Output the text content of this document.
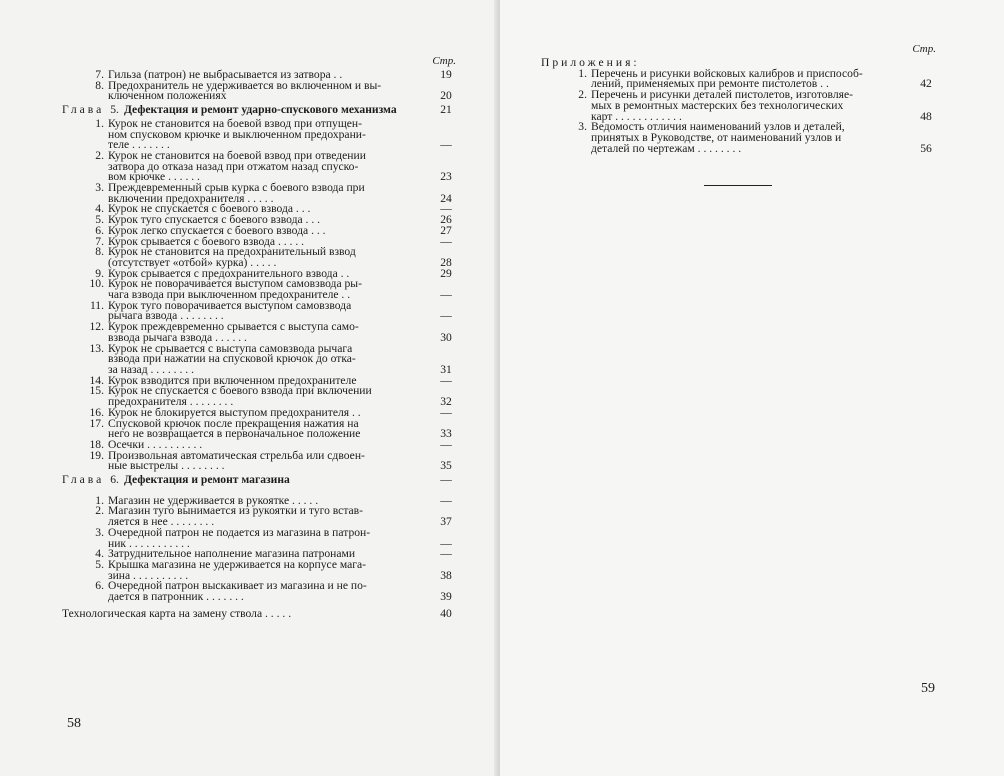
Стр.
7. Гильза (патрон) не выбрасывается из затвора . .	19
8. Предохранитель не удерживается во включенном и вы-
ключенном положениях	20
Глава 5. Дефектация и ремонт ударно-спускового механизма	21
1. Курок не становится на боевой взвод при отпущен-
ном спусковом крючке и выключенном предохрани-
теле . . . . . . .	—
2. Курок не становится на боевой взвод при отведении
затвора до отказа назад при отжатом назад спуско-
вом крючке . . . . . .	23
3. Преждевременный срыв курка с боевого взвода при
включении предохранителя . . . . .	24
4. Курок не спускается с боевого взвода . . .	—
5. Курок туго спускается с боевого взвода . . .	26
6. Курок легко спускается с боевого взвода . . .	27
7. Курок срывается с боевого взвода . . . . .	—
8. Курок не становится на предохранительный взвод
(отсутствует «отбой» курка) . . . . .	28
9. Курок срывается с предохранительного взвода . .	29
10. Курок не поворачивается выступом самовзвода ры-
чага взвода при выключенном предохранителе . .	—
11. Курок туго поворачивается выступом самовзвода
рычага взвода . . . . . . . .	—
12. Курок преждевременно срывается с выступа само-
взвода рычага взвода . . . . . .	30
13. Курок не срывается с выступа самовзвода рычага
взвода при нажатии на спусковой крючок до отка-
за назад . . . . . . . .	31
14. Курок взводится при включенном предохранителе	—
15. Курок не спускается с боевого взвода при включении
предохранителя . . . . . . . .	32
16. Курок не блокируется выступом предохранителя . .	—
17. Спусковой крючок после прекращения нажатия на
него не возвращается в первоначальное положение	33
18. Осечки . . . . . . . . . .	—
19. Произвольная автоматическая стрельба или сдвоен-
ные выстрелы . . . . . . . .	35
Глава 6. Дефектация и ремонт магазина	—
1. Магазин не удерживается в рукоятке . . . . .	—
2. Магазин туго вынимается из рукоятки и туго встав-
ляется в нее . . . . . . . .	37
3. Очередной патрон не подается из магазина в патрон-
ник . . . . . . . . . . .	—
4. Затруднительное наполнение магазина патронами	—
5. Крышка магазина не удерживается на корпусе мага-
зина . . . . . . . . . .	38
6. Очередной патрон выскакивает из магазина и не по-
дается в патронник . . . . . . .	39
Технологическая карта на замену ствола . . . . .	40
58
Стр.
Приложения:
1. Перечень и рисунки войсковых калибров и приспособ-
лений, применяемых при ремонте пистолетов . .	42
2. Перечень и рисунки деталей пистолетов, изготовляе-
мых в ремонтных мастерских без технологических
карт . . . . . . . . . . . .	48
3. Ведомость отличия наименований узлов и деталей,
принятых в Руководстве, от наименований узлов и
деталей по чертежам . . . . . . . .	56
59
